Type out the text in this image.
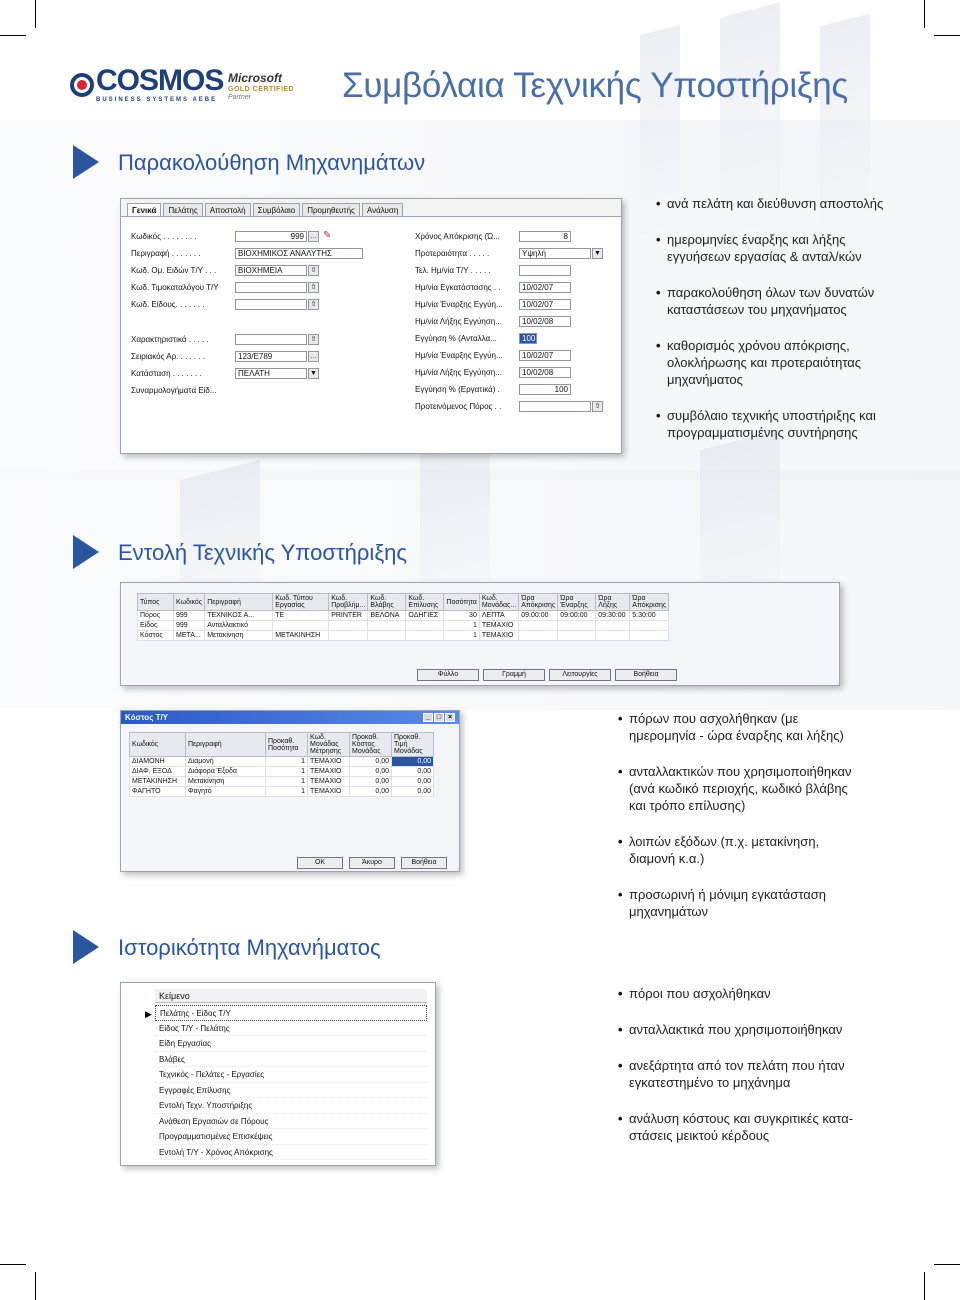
COSMOS
BUSINESS SYSTEMS AEBE
Microsoft
GOLD CERTIFIED
Partner	Συμβόλαια Τεχνικής Υποστήριξης
Παρακολούθηση Μηχανημάτων
Γενικά	Πελάτης	Αποστολή	Συμβόλαιο	Προμηθευτής	Ανάλυση
Κωδικός . . . . . . . .	999 … ✎
Περιγραφή . . . . . . .	ΒΙΟΧΗΜΙΚΟΣ ΑΝΑΛΥΤΗΣ
Κωδ. Ομ. Ειδών Τ/Υ . . .	ΒΙΟΧΗΜΕΙΑ	⇧
Κωδ. Τιμοκαταλόγου Τ/Υ	⇧
Κωδ. Είδους. . . . . . .	⇧
Χαρακτηριστικά . . . . .	⇧
Σειριακός Αρ. . . . . . .	123/Ε789	…
Κατάσταση . . . . . . .	ΠΕΛΑΤΗ	▼
Συναρμολογήματα Είδ...
Χρόνος Απόκρισης (Ώ...	8
Προτεραιότητα . . . . .	Υψηλή	▼
Τελ. Ημ/νία Τ/Υ . . . . .
Ημ/νία Εγκατάστασης . .	10/02/07
Ημ/νία Έναρξης Εγγύη...	10/02/07
Ημ/νία Λήξης Εγγύηση...	10/02/08
Εγγύηση % (Ανταλλα...	100
Ημ/νία Έναρξης Εγγύη...	10/02/07
Ημ/νία Λήξης Εγγύηση...	10/02/08
Εγγύηση % (Εργατικά) .	100
Προτεινόμενος Πόρος . .	⇧
• ανά πελάτη και διεύθυνση αποστολής
• ημερομηνίες έναρξης και λήξης εγγυήσεων εργασίας & ανταλ/κών
• παρακολούθηση όλων των δυνατών καταστάσεων του μηχανήματος
• καθορισμός χρόνου απόκρισης, ολοκλήρωσης και προτεραιότητας μηχανήματος
• συμβόλαιο τεχνικής υποστήριξης και προγραμματισμένης συντήρησης
Εντολή Τεχνικής Υποστήριξης
Τύπος	Κωδικός	Περιγραφή	Κωδ. Τύπου Εργασίας	Κωδ. Προβλήμ...	Κωδ. Βλάβης	Κωδ. Επίλυσης	Ποσότητα	Κωδ. Μονάδας...	Ώρα Απόκρισης	Ώρα Έναρξης	Ώρα Λήξης	Ώρα Απόκρισης
Πόρος	999	ΤΕΧΝΙΚΟΣ Α...	ΤΕ	PRINTER	ΒΕΛΟΝΑ	ΟΔΗΓΙΕΣ	30	ΛΕΠΤΑ	09:00:00	09:00:00	09:30:00	5:30:00
Είδος	999	Ανταλλακτικό					1	ΤΕΜΑΧΙΟ				
Κόστος	ΜΕΤΑ...	Μετακίνηση	ΜΕΤΑΚΙΝΗΣΗ				1	ΤΕΜΑΧΙΟ				
Φύλλο	Γραμμή	Λειτουργίες	Βοήθεια
Κόστος Τ/Υ	_ □ ×
Κωδικός	Περιγραφή	Προκαθ. Ποσότητα	Κωδ. Μονάδας Μέτρησης	Προκαθ. Κόστος Μονάδας	Προκαθ. Τιμή Μονάδας
ΔΙΑΜΟΝΗ	Διαμονή	1	ΤΕΜΑΧΙΟ	0,00	0,00
ΔΙΑΦ. ΕΞΟΔ	Διάφορα Έξοδα	1	ΤΕΜΑΧΙΟ	0,00	0,00
ΜΕΤΑΚΙΝΗΣΗ	Μετακίνηση	1	ΤΕΜΑΧΙΟ	0,00	0,00
ΦΑΓΗΤΟ	Φαγητό	1	ΤΕΜΑΧΙΟ	0,00	0,00
OK	Άκυρο	Βοήθεια
• πόρων που ασχολήθηκαν (με ημερομηνία - ώρα έναρξης και λήξης)
• ανταλλακτικών που χρησιμοποιήθηκαν (ανά κωδικό περιοχής, κωδικό βλάβης και τρόπο επίλυσης)
• λοιπών εξόδων (π.χ. μετακίνηση, διαμονή κ.α.)
• προσωρινή ή μόνιμη εγκατάσταση μηχανημάτων
Ιστορικότητα Μηχανήματος
Κείμενο
▶	Πελάτης - Είδος Τ/Υ
Είδος Τ/Υ - Πελάτης
Είδη Εργασίας
Βλάβες
Τεχνικός - Πελάτες - Εργασίες
Εγγραφές Επίλυσης
Εντολή Τεχν. Υποστήριξης
Ανάθεση Εργασιών σε Πόρους
Προγραμματισμένες Επισκέψεις
Εντολή Τ/Υ - Χρόνος Απόκρισης
• πόροι που ασχολήθηκαν
• ανταλλακτικά που χρησιμοποιήθηκαν
• ανεξάρτητα από τον πελάτη που ήταν εγκατεστημένο το μηχάνημα
• ανάλυση κόστους και συγκριτικές κατα-στάσεις μεικτού κέρδους
